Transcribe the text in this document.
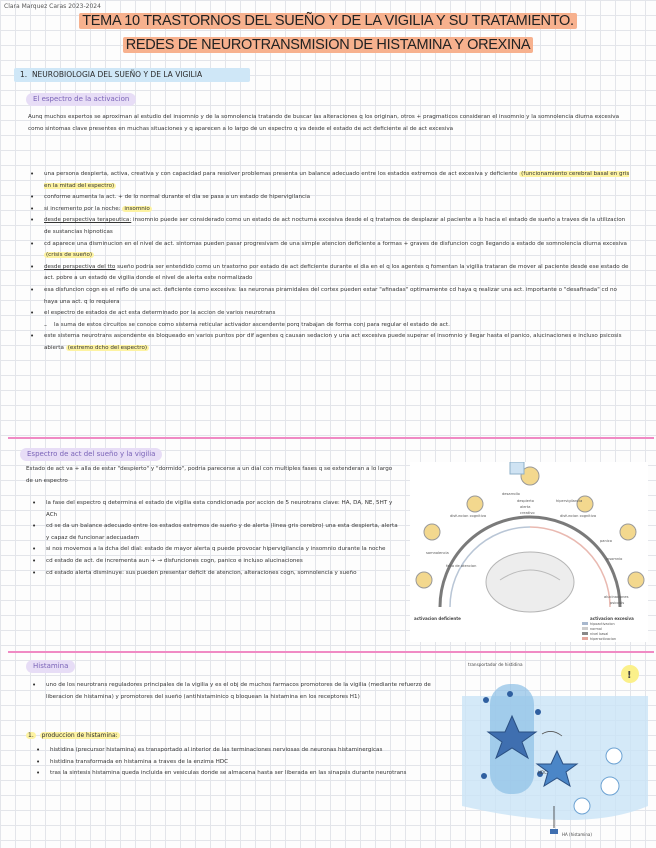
Clara Marquez Caras 2023-2024
TEMA 10 TRASTORNOS DEL SUEÑO Y DE LA VIGILIA Y SU TRATAMIENTO.
REDES DE NEUROTRANSMISION DE HISTAMINA Y OREXINA
1. NEUROBIOLOGIA DEL SUEÑO Y DE LA VIGILIA
El espectro de la activacion
Aunq muchos expertos se aproximan al estudio del insomnio y de la somnolencia tratando de buscar las alteraciones q los originan, otros + pragmaticos consideran el insomnio y la somnolencia diurna excesiva como sintomas clave presentes en muchas situaciones y q aparecen a lo largo de un espectro q va desde el estado de act deficiente al de act excesiva
• una persona despierta, activa, creativa y con capacidad para resolver problemas presenta un balance adecuado entre los estados extremos de act excesiva y deficiente (funcionamiento cerebral basal en gris en la mitad del espectro)
• conforme aumenta la act. + de lo normal durante el dia se pasa a un estado de hipervigilancia
• si incremento por la noche: insomnio
• desde perspectiva terapeutica: insomnio puede ser considerado como un estado de act nocturna excesiva desde el q tratamos de desplazar al paciente a lo hacia el estado de sueño a traves de la utilizacion de sustancias hipnoticas
• cd aparece una disminucion en el nivel de act. sintomas pueden pasar progresivam de una simple atencion deficiente a formas + graves de disfuncion cogn llegando a estado de somnolencia diurna excesiva (crisis de sueño)
• desde perspectiva del tto sueño podria ser entendido como un trastorno por estado de act deficiente durante el dia en el q los agentes q fomentan la vigilia trataran de mover al paciente desde ese estado de act. pobre a un estado de vigilia donde el nivel de alerta este normalizado
• esa disfuncion cogn es el reflo de una act. deficiente como excesiva: las neuronas piramidales del cortex pueden estar "afinadas" optimamente cd haya q realizar una act. importante o "desafinada" cd no haya una act. q lo requiera
• el espectro de estados de act esta determinado por la accion de varios neurotrans
– la suma de estos circuitos se conoce como sistema reticular activador ascendente porq trabajan de forma conj para regular el estado de act.
• este sistema neurotrans ascendente es bloqueado en varios puntos por dif agentes q causan sedacion y una act excesiva puede superar el insomnio y llegar hasta el panico, alucinaciones e incluso psicosis abierta (extremo dcho del espectro)
Espectro de act del sueño y la vigilia
Estado de act va + alla de estar "despierto" y "dormido", podria parecerse a un dial con multiples fases q se extenderan a lo largo de un espectro
• la fase del espectro q determina el estado de vigilia esta condicionada por accion de 5 neurotrans clave: HA, DA, NE, 5HT y ACh
• cd se da un balance adecuado entre los estados extremos de sueño y de alerta (linea gris cerebro) una esta despierta, alerta y capaz de funcionar adecuadam
• si nos movemos a la dcha del dial: estado de mayor alerta q puede provocar hipervigilancia y insomnio durante la noche
• cd estado de act. de incrementa aun + → disfunciones cogn, panico e incluso alucinaciones
• cd estado alerta disminuye: sus pueden presentar deficit de atencion, alteraciones cogn, somnolencia y sueño
desarrollo
despierto
alerta
creativo
hipervigilancia
panico
insomnio
alucinaciones
psicosis
somnolencia
disfuncion cognitiva
falta de atencion
disfuncion cognitiva
activacion deficiente	activacion excesiva
hipoactivacion
normal
nivel basal
hiperactivacion
Histamina
• uno de los neurotrans reguladores principales de la vigilia y es el obj de muchos farmacos promotores de la vigilia (mediante refuerzo de liberacion de histamina) y promotores del sueño (antihistaminico q bloquean la histamina en los receptores H1)
1. produccion de histamina:
• histidina (precursor histamina) es transportado al interior de las terminaciones nerviosas de neuronas histaminergicas
• histidina transformada en histamina a traves de la enzima HDC
• tras la sintesis histamina queda incluida en vesiculas donde se almacena hasta ser liberada en las sinapsis durante neurotrans
transportador de histidina
HDC
HA (histamina)
!
